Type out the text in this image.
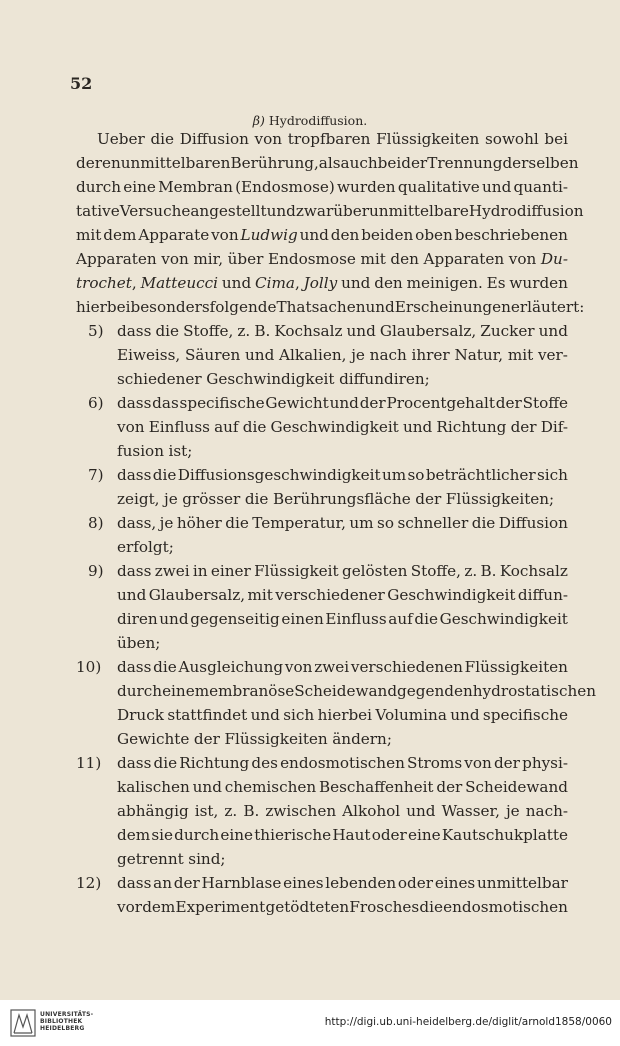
52
β) Hydrodiffusion.
Ueber die Diffusion von tropfbaren Flüssigkeiten sowohl bei
deren unmittelbaren Berührung, als auch bei der Trennung derselben
durch eine Membran (Endosmose) wurden qualitative und quanti-
tative Versuche angestellt und zwar über unmittelbare Hydrodiffusion
mit dem Apparate von Ludwig und den beiden oben beschriebenen
Apparaten von mir, über Endosmose mit den Apparaten von Du-
trochet, Matteucci und Cima, Jolly und den meinigen. Es wurden
hierbei besonders folgende Thatsachen und Erscheinungen erläutert:
dass die Stoffe, z. B. Kochsalz und Glaubersalz, Zucker und
5)
Eiweiss, Säuren und Alkalien, je nach ihrer Natur, mit ver-
schiedener Geschwindigkeit diffundiren;
dass das specifische Gewicht und der Procentgehalt der Stoffe
6)
von Einfluss auf die Geschwindigkeit und Richtung der Dif-
fusion ist;
dass die Diffusionsgeschwindigkeit um so beträchtlicher sich
7)
zeigt, je grösser die Berührungsfläche der Flüssigkeiten;
dass, je höher die Temperatur, um so schneller die Diffusion
8)
erfolgt;
dass zwei in einer Flüssigkeit gelösten Stoffe, z. B. Kochsalz
9)
und Glaubersalz, mit verschiedener Geschwindigkeit diffun-
diren und gegenseitig einen Einfluss auf die Geschwindigkeit
üben;
dass die Ausgleichung von zwei verschiedenen Flüssigkeiten
10)
durch eine membranöse Scheidewand gegen den hydrostatischen
Druck stattfindet und sich hierbei Volumina und specifische
Gewichte der Flüssigkeiten ändern;
dass die Richtung des endosmotischen Stroms von der physi-
11)
kalischen und chemischen Beschaffenheit der Scheidewand
abhängig ist, z. B. zwischen Alkohol und Wasser, je nach-
dem sie durch eine thierische Haut oder eine Kautschukplatte
getrennt sind;
dass an der Harnblase eines lebenden oder eines unmittelbar
12)
vor dem Experiment getödteten Frosches die endosmotischen
UNIVERSITÄTS-
BIBLIOTHEK
HEIDELBERG
http://digi.ub.uni-heidelberg.de/diglit/arnold1858/0060
